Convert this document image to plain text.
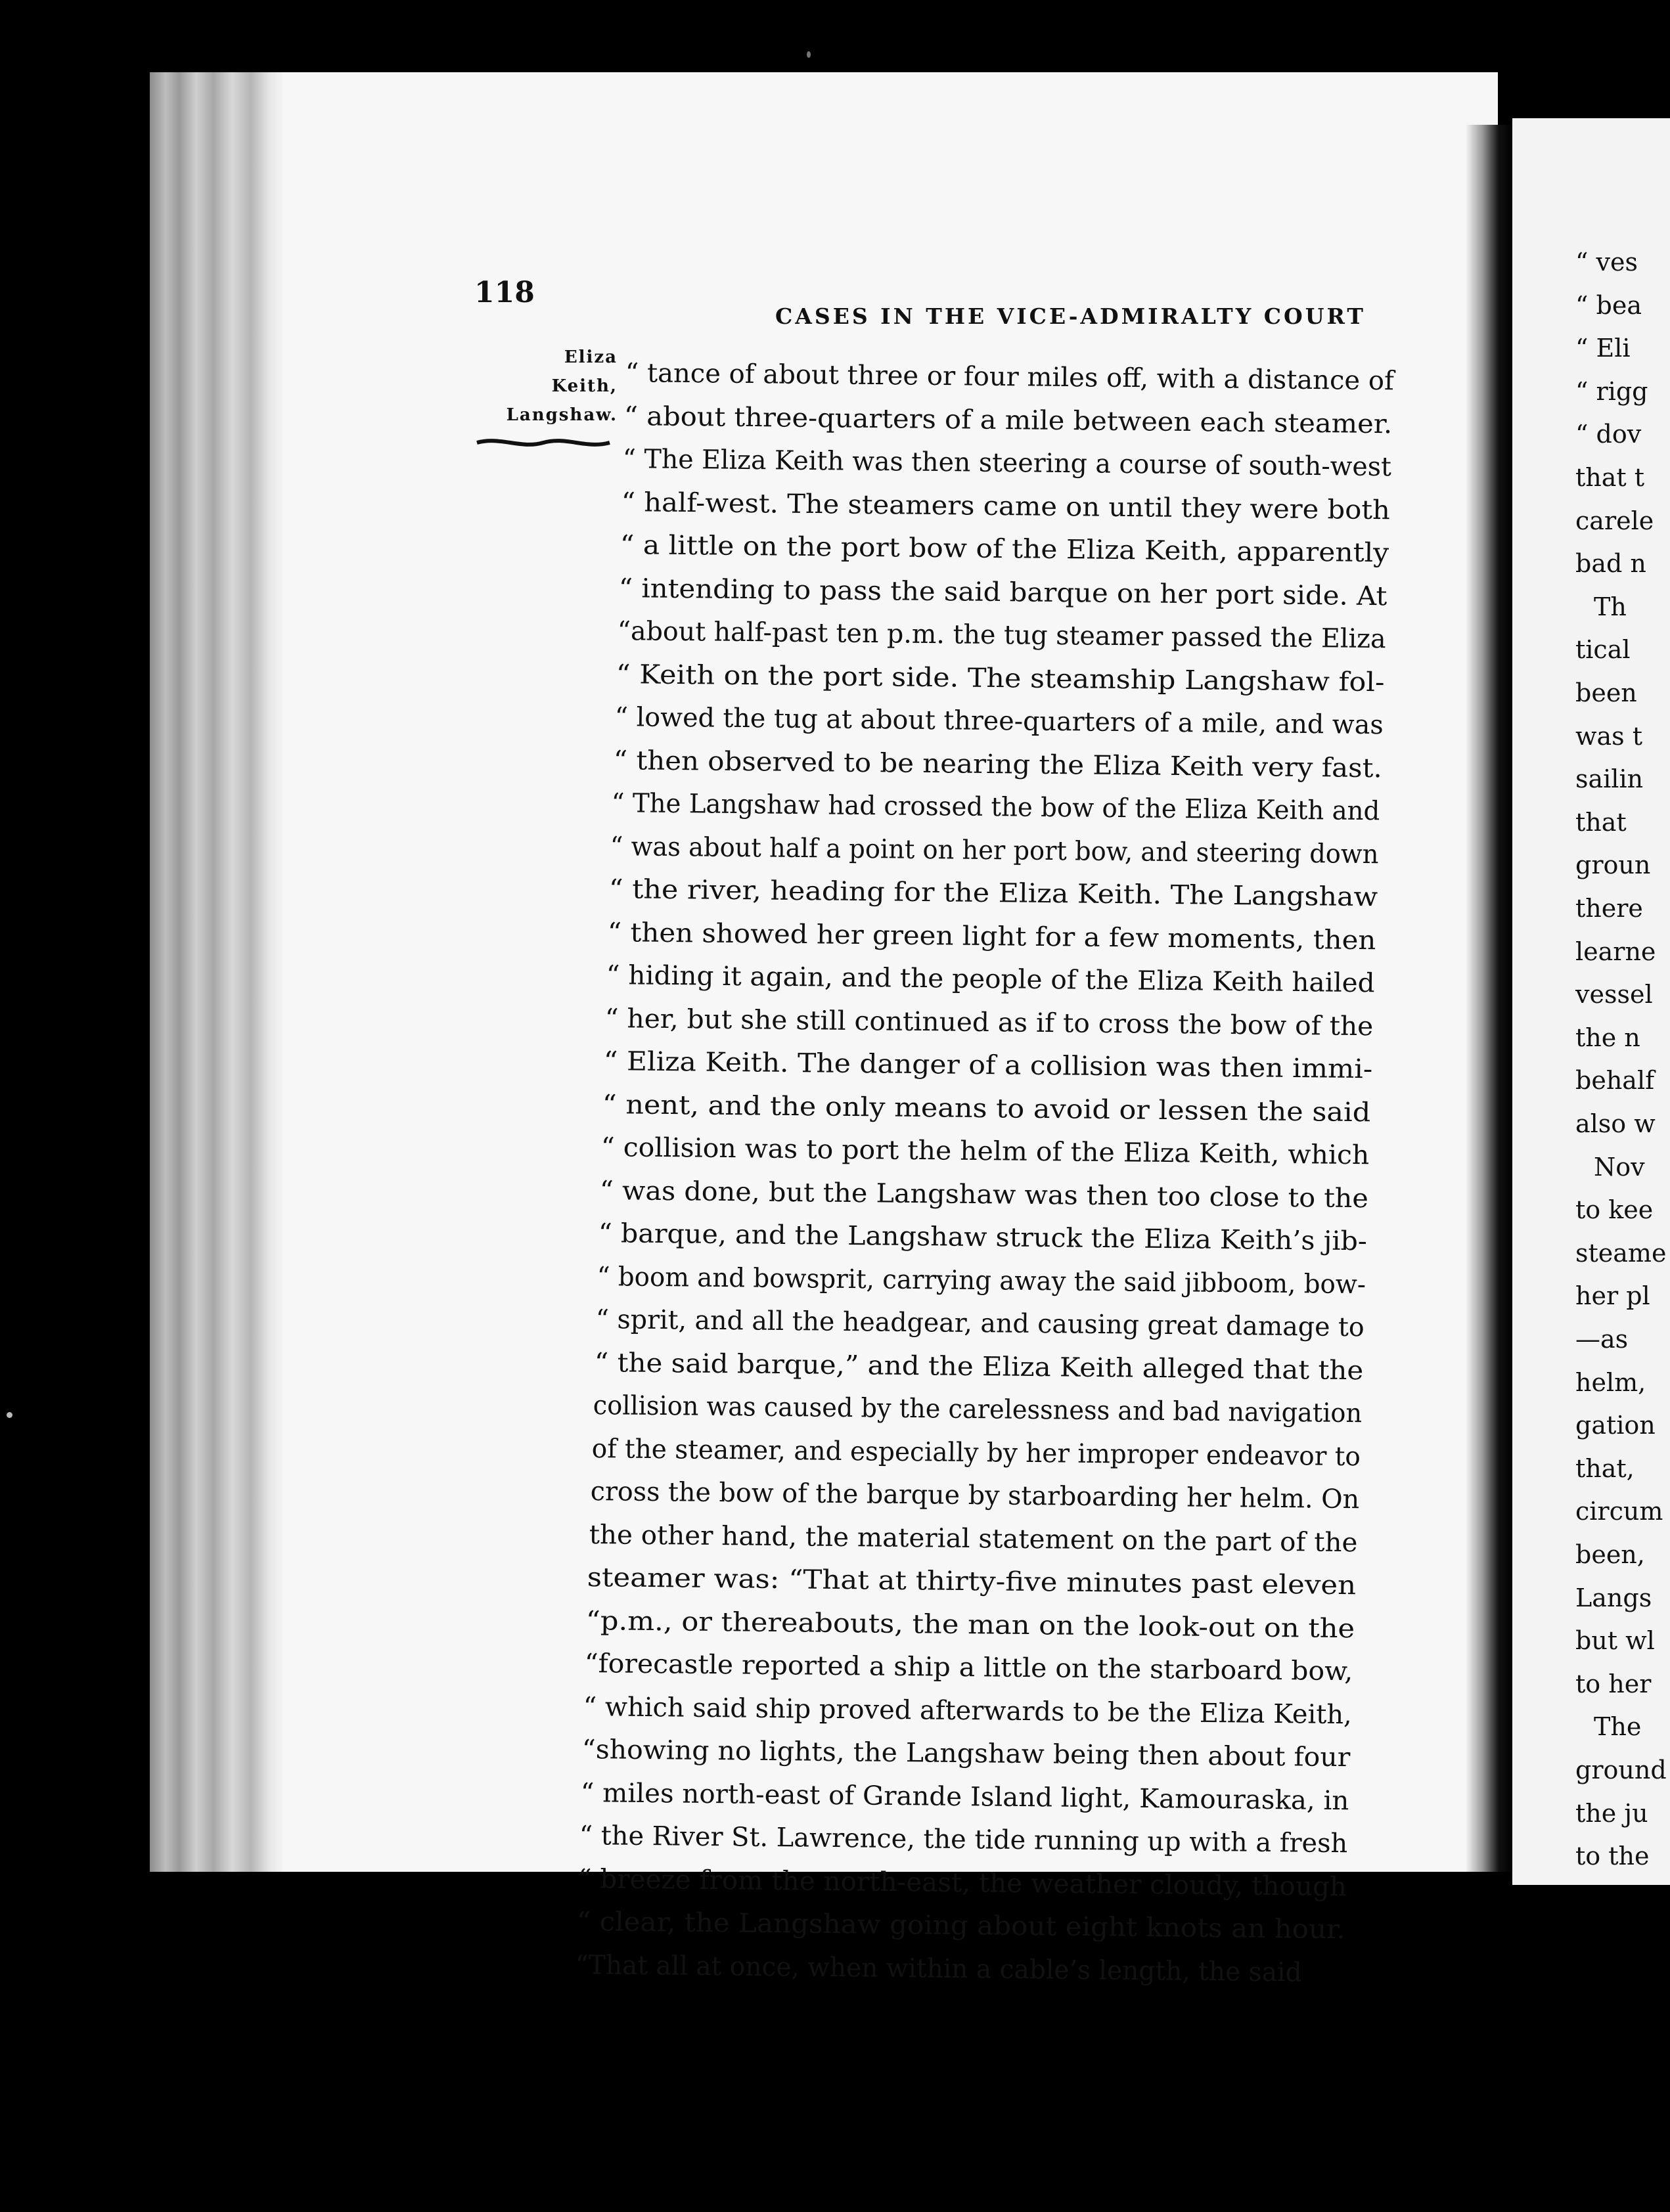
“ ves
“ bea
“ Eli
“ rigg
“ dov
that t
carele
bad n
Th
tical
been
was t
sailin
that
groun
there
learne
vessel
the n
behalf
also w
Nov
to kee
steame
her pl
—as
helm,
gation
that,
circum
been,
Langs
but wl
to her
The
ground
the ju
to the
118
CASES IN THE VICE-ADMIRALTY COURT
Eliza
Keith,
Langshaw.
“ tance of about three or four miles off, with a distance of
“ about three-quarters of a mile between each steamer.
“ The Eliza Keith was then steering a course of south-west
“ half-west. The steamers came on until they were both
“ a little on the port bow of the Eliza Keith, apparently
“ intending to pass the said barque on her port side. At
“about half-past ten p.m. the tug steamer passed the Eliza
“ Keith on the port side. The steamship Langshaw fol-
“ lowed the tug at about three-quarters of a mile, and was
“ then observed to be nearing the Eliza Keith very fast.
“ The Langshaw had crossed the bow of the Eliza Keith and
“ was about half a point on her port bow, and steering down
“ the river, heading for the Eliza Keith. The Langshaw
“ then showed her green light for a few moments, then
“ hiding it again, and the people of the Eliza Keith hailed
“ her, but she still continued as if to cross the bow of the
“ Eliza Keith. The danger of a collision was then immi-
“ nent, and the only means to avoid or lessen the said
“ collision was to port the helm of the Eliza Keith, which
“ was done, but the Langshaw was then too close to the
“ barque, and the Langshaw struck the Eliza Keith’s jib-
“ boom and bowsprit, carrying away the said jibboom, bow-
“ sprit, and all the headgear, and causing great damage to
“ the said barque,” and the Eliza Keith alleged that the
collision was caused by the carelessness and bad navigation
of the steamer, and especially by her improper endeavor to
cross the bow of the barque by starboarding her helm. On
the other hand, the material statement on the part of the
steamer was: “That at thirty-five minutes past eleven
“p.m., or thereabouts, the man on the look-out on the
“forecastle reported a ship a little on the starboard bow,
“ which said ship proved afterwards to be the Eliza Keith,
“showing no lights, the Langshaw being then about four
“ miles north-east of Grande Island light, Kamouraska, in
“ the River St. Lawrence, the tide running up with a fresh
“ breeze from the north-east, the weather cloudy, though
“ clear, the Langshaw going about eight knots an hour.
“That all at once, when within a cable’s length, the said
